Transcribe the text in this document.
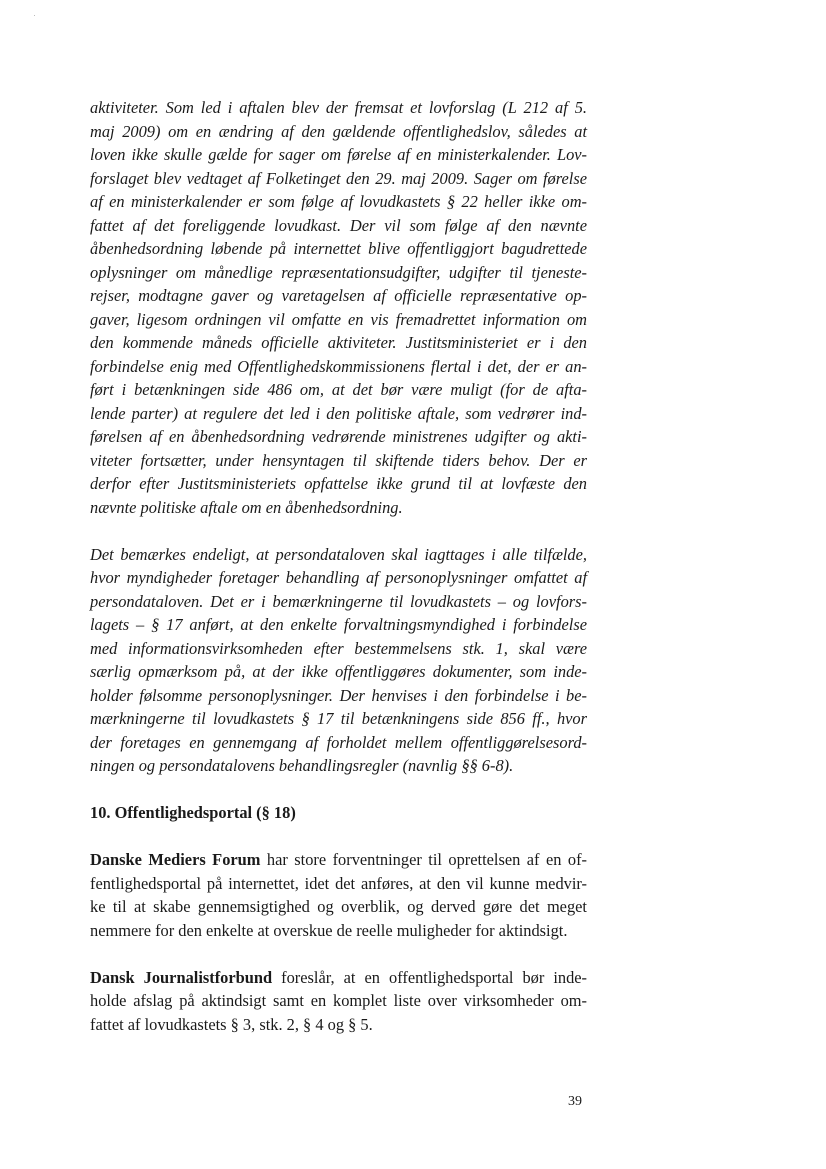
aktiviteter. Som led i aftalen blev der fremsat et lovforslag (L 212 af 5.
maj 2009) om en ændring af den gældende offentlighedslov, således at
loven ikke skulle gælde for sager om førelse af en ministerkalender. Lov-
forslaget blev vedtaget af Folketinget den 29. maj 2009. Sager om førelse
af en ministerkalender er som følge af lovudkastets § 22 heller ikke om-
fattet af det foreliggende lovudkast. Der vil som følge af den nævnte
åbenhedsordning løbende på internettet blive offentliggjort bagudrettede
oplysninger om månedlige repræsentationsudgifter, udgifter til tjeneste-
rejser, modtagne gaver og varetagelsen af officielle repræsentative op-
gaver, ligesom ordningen vil omfatte en vis fremadrettet information om
den kommende måneds officielle aktiviteter. Justitsministeriet er i den
forbindelse enig med Offentlighedskommissionens flertal i det, der er an-
ført i betænkningen side 486 om, at det bør være muligt (for de afta-
lende parter) at regulere det led i den politiske aftale, som vedrører ind-
førelsen af en åbenhedsordning vedrørende ministrenes udgifter og akti-
viteter fortsætter, under hensyntagen til skiftende tiders behov. Der er
derfor efter Justitsministeriets opfattelse ikke grund til at lovfæste den
nævnte politiske aftale om en åbenhedsordning.
Det bemærkes endeligt, at persondataloven skal iagttages i alle tilfælde,
hvor myndigheder foretager behandling af personoplysninger omfattet af
persondataloven. Det er i bemærkningerne til lovudkastets – og lovfors-
lagets – § 17 anført, at den enkelte forvaltningsmyndighed i forbindelse
med informationsvirksomheden efter bestemmelsens stk. 1, skal være
særlig opmærksom på, at der ikke offentliggøres dokumenter, som inde-
holder følsomme personoplysninger. Der henvises i den forbindelse i be-
mærkningerne til lovudkastets § 17 til betænkningens side 856 ff., hvor
der foretages en gennemgang af forholdet mellem offentliggørelsesord-
ningen og persondatalovens behandlingsregler (navnlig §§ 6-8).
10. Offentlighedsportal (§ 18)
Danske Mediers Forum har store forventninger til oprettelsen af en of-
fentlighedsportal på internettet, idet det anføres, at den vil kunne medvir-
ke til at skabe gennemsigtighed og overblik, og derved gøre det meget
nemmere for den enkelte at overskue de reelle muligheder for aktindsigt.
Dansk Journalistforbund foreslår, at en offentlighedsportal bør inde-
holde afslag på aktindsigt samt en komplet liste over virksomheder om-
fattet af lovudkastets § 3, stk. 2, § 4 og § 5.
39
